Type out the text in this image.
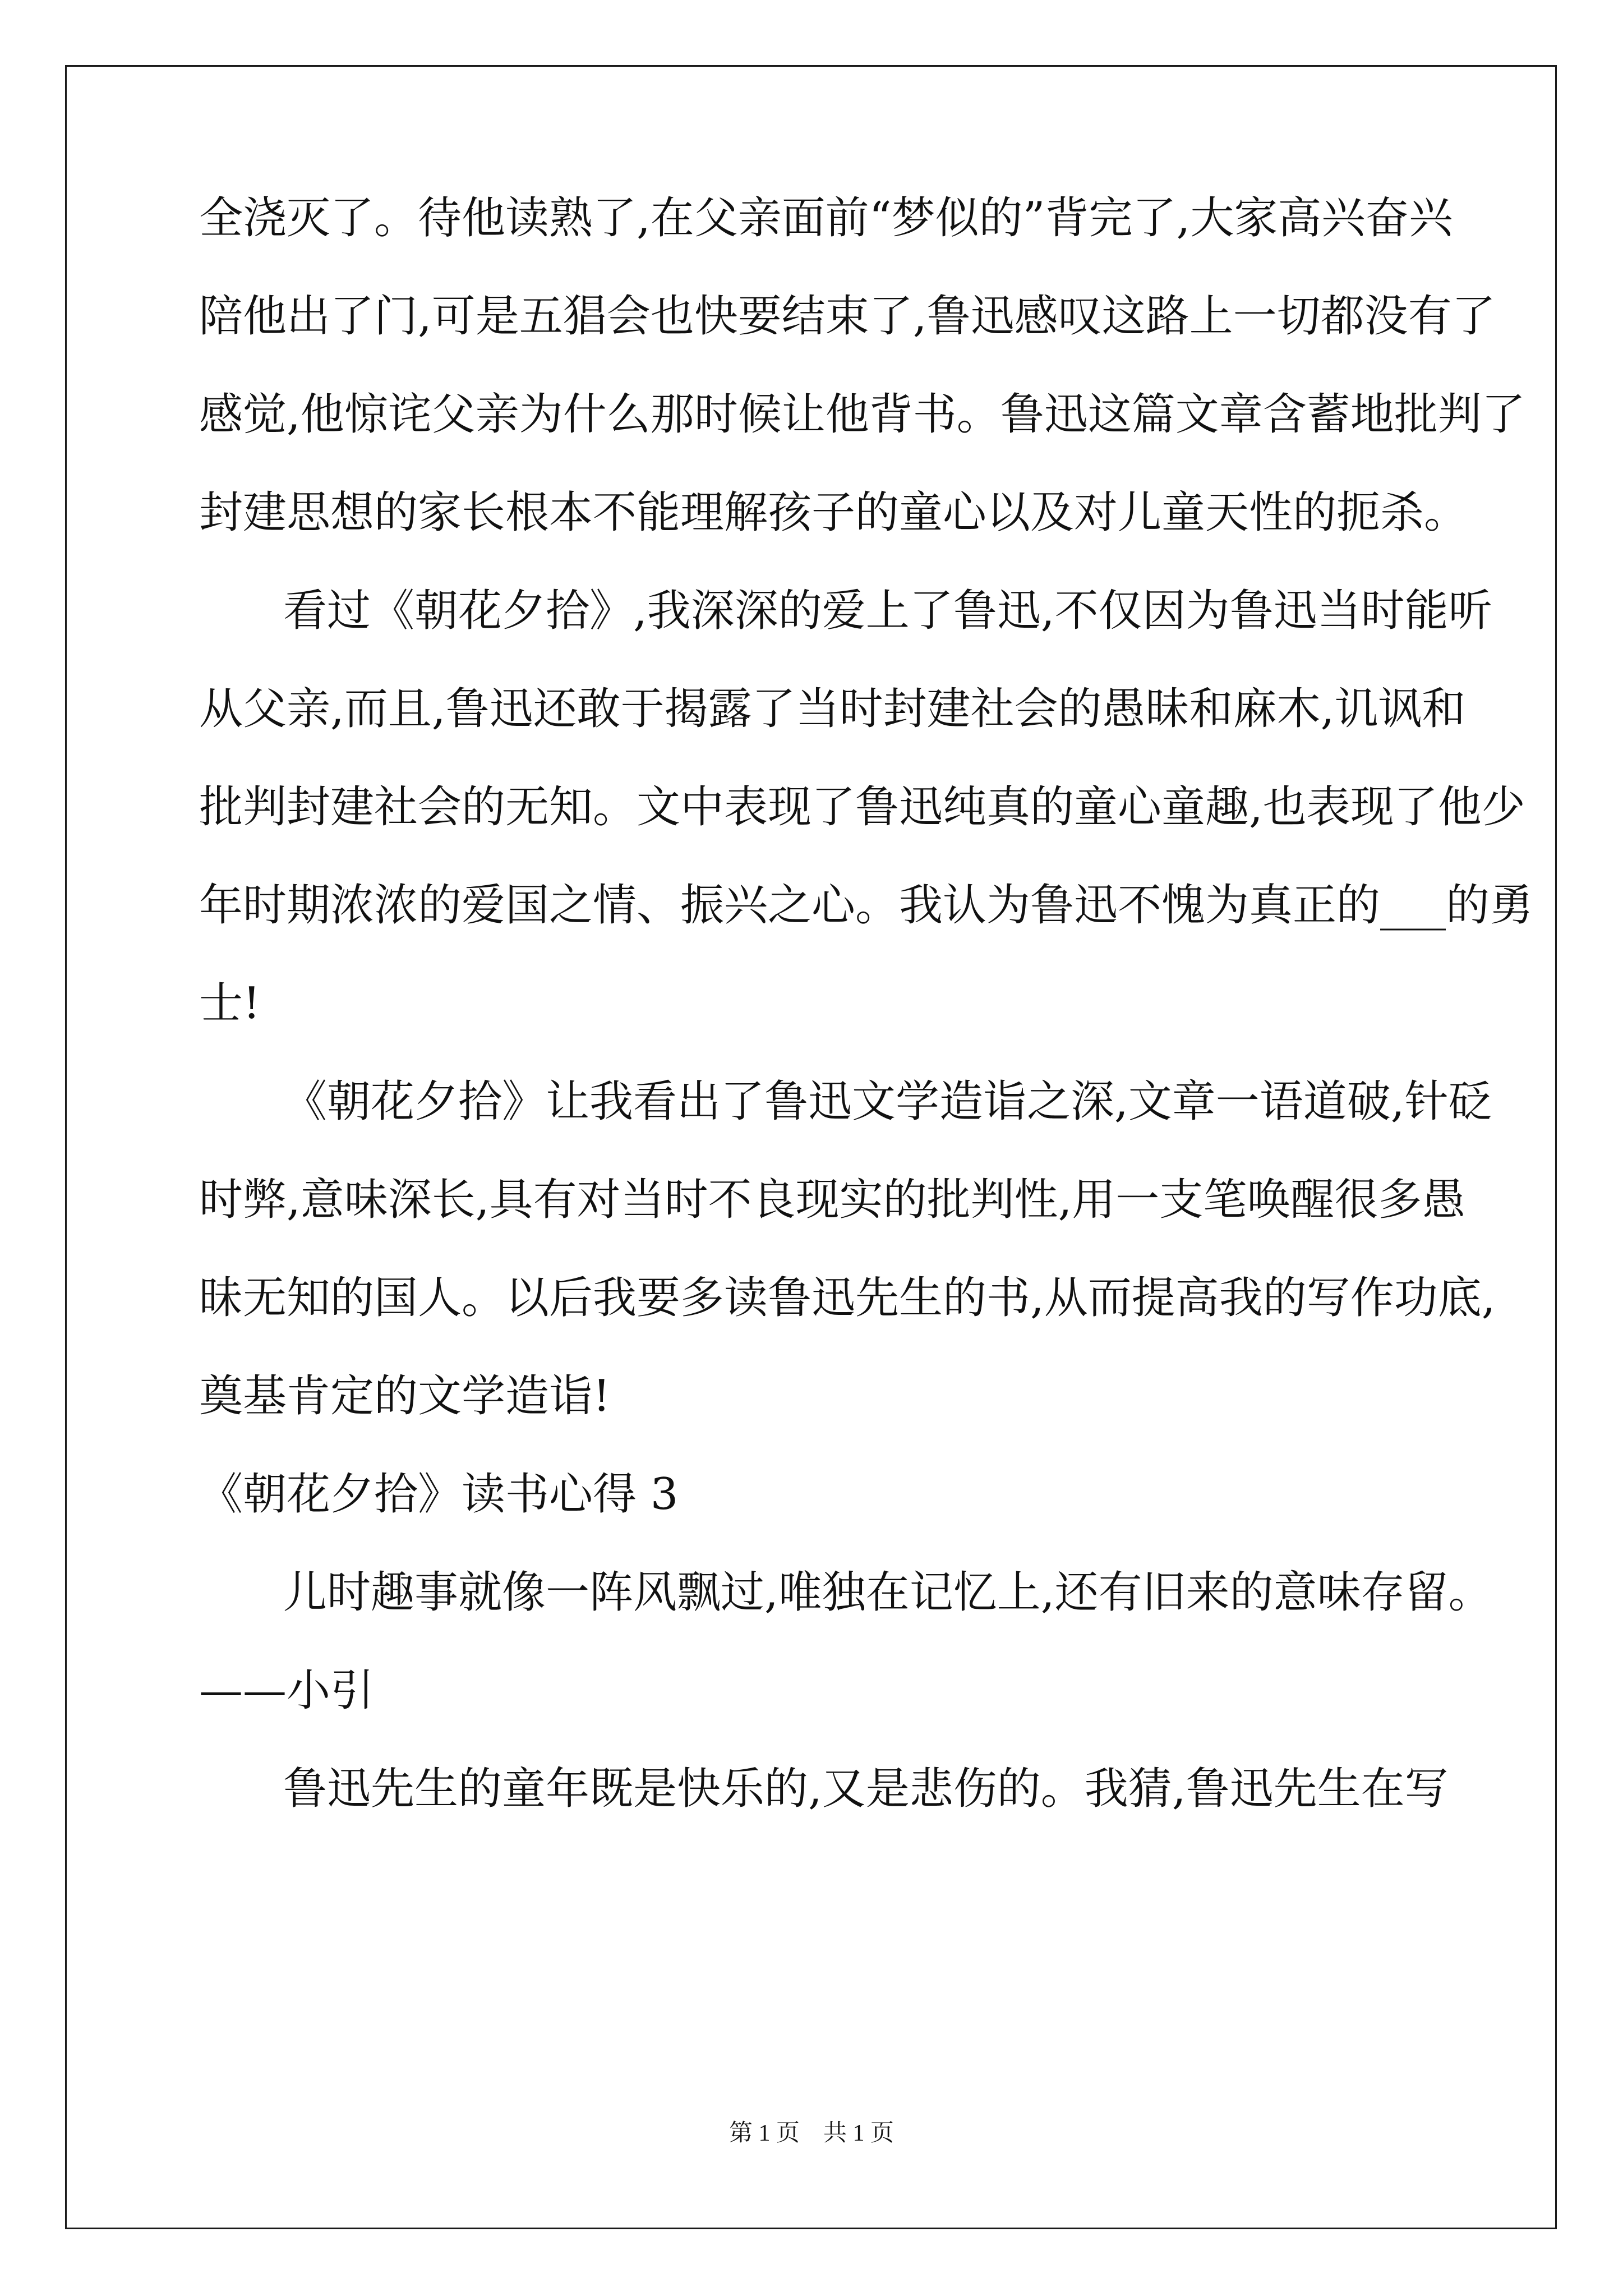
全浇灭了。待他读熟了,在父亲面前“梦似的”背完了,大家高兴奋兴
陪他出了门,可是五猖会也快要结束了,鲁迅感叹这路上一切都没有了
感觉,他惊诧父亲为什么那时候让他背书。鲁迅这篇文章含蓄地批判了
封建思想的家长根本不能理解孩子的童心以及对儿童天性的扼杀。
看过《朝花夕拾》,我深深的爱上了鲁迅,不仅因为鲁迅当时能听
从父亲,而且,鲁迅还敢于揭露了当时封建社会的愚昧和麻木,讥讽和
批判封建社会的无知。文中表现了鲁迅纯真的童心童趣,也表现了他少
年时期浓浓的爱国之情、振兴之心。我认为鲁迅不愧为真正的___的勇
士!
《朝花夕拾》让我看出了鲁迅文学造诣之深,文章一语道破,针砭
时弊,意味深长,具有对当时不良现实的批判性,用一支笔唤醒很多愚
昧无知的国人。以后我要多读鲁迅先生的书,从而提高我的写作功底,
奠基肯定的文学造诣!
《朝花夕拾》读书心得 3
儿时趣事就像一阵风飘过,唯独在记忆上,还有旧来的意味存留。
——小引
鲁迅先生的童年既是快乐的,又是悲伤的。我猜,鲁迅先生在写
第 1 页　共 1 页
